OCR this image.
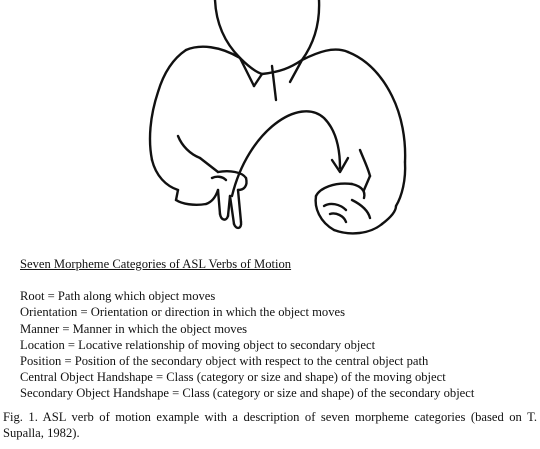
Seven Morpheme Categories of ASL Verbs of Motion
Root = Path along which object moves
Orientation = Orientation or direction in which the object moves
Manner = Manner in which the object moves
Location = Locative relationship of moving object to secondary object
Position = Position of the secondary object with respect to the central object path
Central Object Handshape = Class (category or size and shape) of the moving object
Secondary Object Handshape = Class (category or size and shape) of the secondary object
Fig. 1. ASL verb of motion example with a description of seven morpheme categories (based on T. Supalla, 1982).
